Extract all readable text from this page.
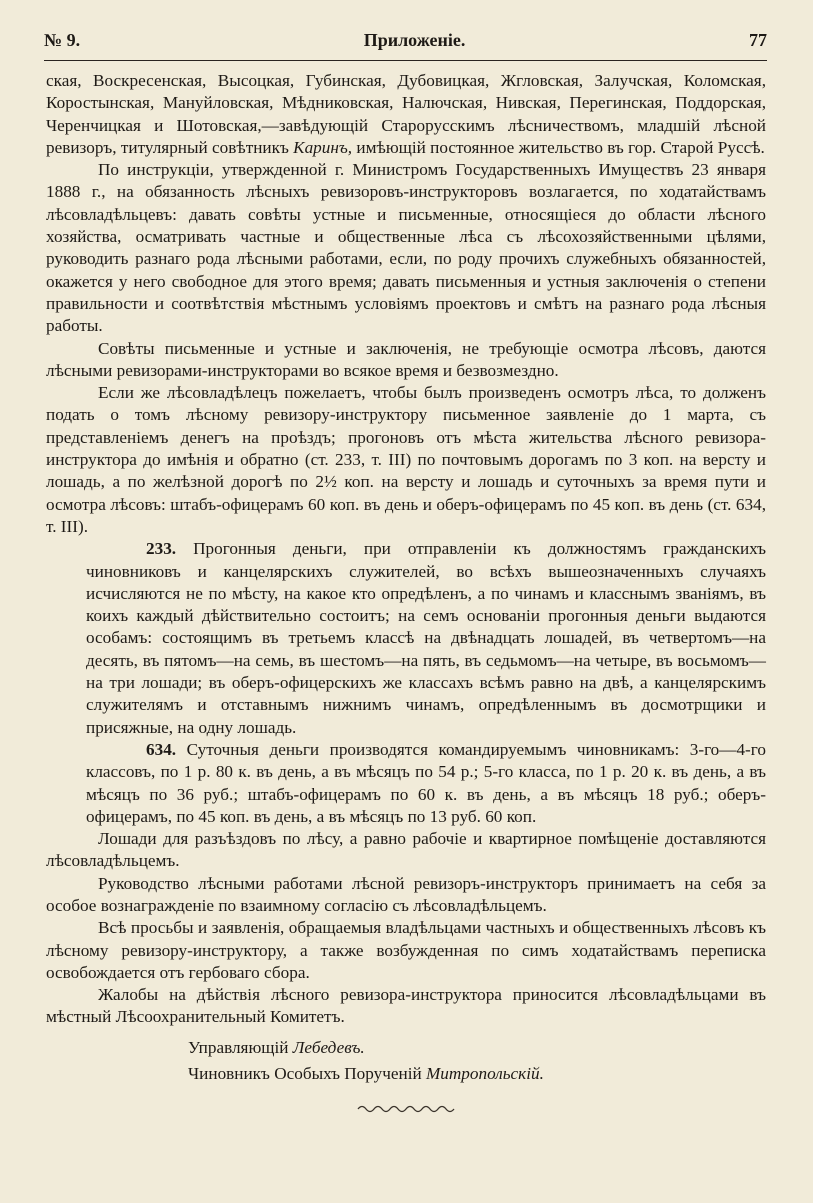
№ 9.	Приложенie.	77

ская, Воскресенская, Высоцкая, Губинская, Дубовицкая, Жгловская, Залучская, Коломская, Коростынская, Мануйловская, Мѣдниковская, Налючская, Нивская, Перегинская, Поддорская, Черенчицкая и Шотовская,—завѣдующiй Старорусскимъ лѣсничествомъ, младшiй лѣсной ревизоръ, титулярный совѣтникъ Каринъ, имѣющiй постоянное жительство въ гор. Старой Руссѣ.

По инструкцiи, утвержденной г. Министромъ Государственныхъ Имуществъ 23 января 1888 г., на обязанность лѣсныхъ ревизоровъ-инструкторовъ возлагается, по ходатайствамъ лѣсовладѣльцевъ: давать совѣты устные и письменные, относящiеся до области лѣсного хозяйства, осматривать частные и общественные лѣса съ лѣсохозяйственными цѣлями, руководить разнаго рода лѣсными работами, если, по роду прочихъ служебныхъ обязанностей, окажется у него свободное для этого время; давать письменныя и устныя заключенiя о степени правильности и соотвѣтствiя мѣстнымъ условiямъ проектовъ и смѣтъ на разнаго рода лѣсныя работы.

Совѣты письменные и устные и заключенiя, не требующiе осмотра лѣсовъ, даются лѣсными ревизорами-инструкторами во всякое время и безвозмездно.

Если же лѣсовладѣлецъ пожелаетъ, чтобы былъ произведенъ осмотръ лѣса, то долженъ подать о томъ лѣсному ревизору-инструктору письменное заявленiе до 1 марта, съ представленiемъ денегъ на проѣздъ; прогоновъ отъ мѣста жительства лѣсного ревизора-инструктора до имѣнiя и обратно (ст. 233, т. III) по почтовымъ дорогамъ по 3 коп. на версту и лошадь, а по желѣзной дорогѣ по 2½ коп. на версту и лошадь и суточныхъ за время пути и осмотра лѣсовъ: штабъ-офицерамъ 60 коп. въ день и оберъ-офицерамъ по 45 коп. въ день (ст. 634, т. III).

233. Прогонныя деньги, при отправленiи къ должностямъ гражданскихъ чиновниковъ и канцелярскихъ служителей, во всѣхъ вышеозначенныхъ случаяхъ исчисляются не по мѣсту, на какое кто опредѣленъ, а по чинамъ и класснымъ званiямъ, въ коихъ каждый дѣйствительно состоитъ; на семъ основанiи прогонныя деньги выдаются особамъ: состоящимъ въ третьемъ классѣ на двѣнадцать лошадей, въ четвертомъ—на десять, въ пятомъ—на семь, въ шестомъ—на пять, въ седьмомъ—на четыре, въ восьмомъ—на три лошади; въ оберъ-офицерскихъ же классахъ всѣмъ равно на двѣ, а канцелярскимъ служителямъ и отставнымъ нижнимъ чинамъ, опредѣленнымъ въ досмотрщики и присяжные, на одну лошадь.

634. Суточныя деньги производятся командируемымъ чиновникамъ: 3-го—4-го классовъ, по 1 р. 80 к. въ день, а въ мѣсяцъ по 54 р.; 5-го класса, по 1 р. 20 к. въ день, а въ мѣсяцъ по 36 руб.; штабъ-офицерамъ по 60 к. въ день, а въ мѣсяцъ 18 руб.; оберъ-офицерамъ, по 45 коп. въ день, а въ мѣсяцъ по 13 руб. 60 коп.

Лошади для разъѣздовъ по лѣсу, а равно рабочiе и квартирное помѣщенiе доставляются лѣсовладѣльцемъ.

Руководство лѣсными работами лѣсной ревизоръ-инструкторъ принимаетъ на себя за особое вознагражденiе по взаимному согласiю съ лѣсовладѣльцемъ.

Всѣ просьбы и заявленiя, обращаемыя владѣльцами частныхъ и общественныхъ лѣсовъ къ лѣсному ревизору-инструктору, а также возбужденная по симъ ходатайствамъ переписка освобождается отъ гербоваго сбора.

Жалобы на дѣйствiя лѣсного ревизора-инструктора приносится лѣсовладѣльцами въ мѣстный Лѣсоохранительный Комитетъ.

Управляющiй Лебедевъ.
Чиновникъ Особыхъ Порученiй Митропольскiй.
